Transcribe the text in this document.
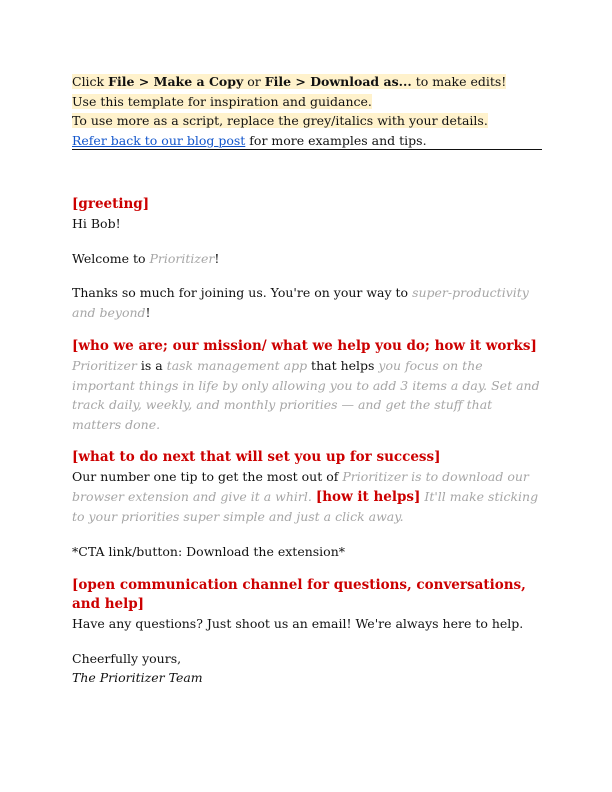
Click File > Make a Copy or File > Download as... to make edits!
Use this template for inspiration and guidance.
To use more as a script, replace the grey/italics with your details.
Refer back to our blog post for more examples and tips.
[greeting]
Hi Bob!
Welcome to Prioritizer!
Thanks so much for joining us. You're on your way to super-productivity and beyond!
[who we are; our mission/ what we help you do; how it works]
Prioritizer is a task management app that helps you focus on the important things in life by only allowing you to add 3 items a day. Set and track daily, weekly, and monthly priorities — and get the stuff that matters done.
[what to do next that will set you up for success]
Our number one tip to get the most out of Prioritizer is to download our browser extension and give it a whirl. [how it helps] It'll make sticking to your priorities super simple and just a click away.
*CTA link/button: Download the extension*
[open communication channel for questions, conversations, and help]
Have any questions? Just shoot us an email! We're always here to help.
Cheerfully yours,
The Prioritizer Team
